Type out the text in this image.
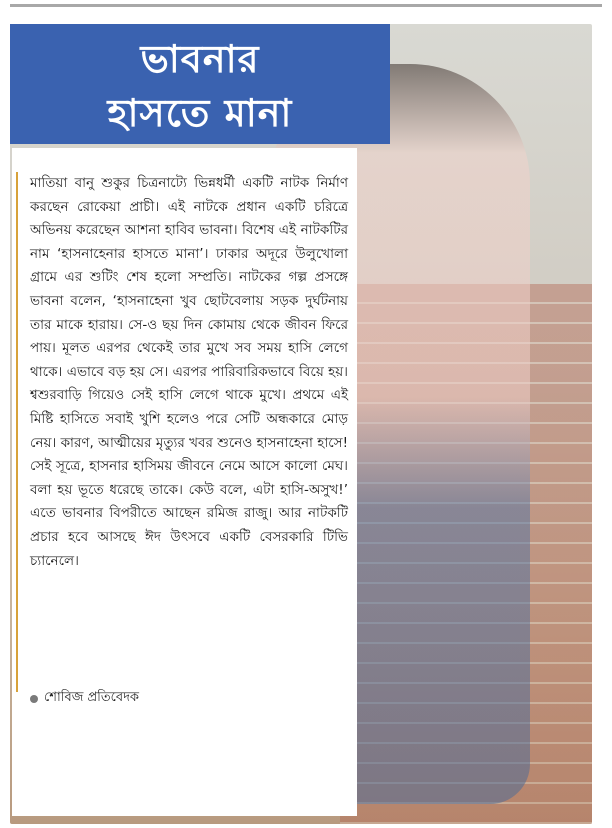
ভাবনার
হাসতে মানা

মাতিয়া বানু শুকুর চিত্রনাট্যে ভিন্নধর্মী একটি নাটক নির্মাণ করছেন রোকেয়া প্রাচী। এই নাটকে প্রধান একটি চরিত্রে অভিনয় করেছেন আশনা হাবিব ভাবনা। বিশেষ এই নাটকটির নাম ‘হাসনাহেনার হাসতে মানা’। ঢাকার অদূরে উলুখোলা গ্রামে এর শুটিং শেষ হলো সম্প্রতি। নাটকের গল্প প্রসঙ্গে ভাবনা বলেন, ‘হাসনাহেনা খুব ছোটবেলায় সড়ক দুর্ঘটনায় তার মাকে হারায়। সে-ও ছয় দিন কোমায় থেকে জীবন ফিরে পায়। মূলত এরপর থেকেই তার মুখে সব সময় হাসি লেগে থাকে। এভাবে বড় হয় সে। এরপর পারিবারিকভাবে বিয়ে হয়। শ্বশুরবাড়ি গিয়েও সেই হাসি লেগে থাকে মুখে। প্রথমে এই মিষ্টি হাসিতে সবাই খুশি হলেও পরে সেটি অন্ধকারে মোড় নেয়। কারণ, আত্মীয়ের মৃত্যুর খবর শুনেও হাসনাহেনা হাসে! সেই সূত্রে, হাসনার হাসিময় জীবনে নেমে আসে কালো মেঘ। বলা হয় ভূতে ধরেছে তাকে। কেউ বলে, এটা হাসি-অসুখ!’ এতে ভাবনার বিপরীতে আছেন রমিজ রাজু। আর নাটকটি প্রচার হবে আসছে ঈদ উৎসবে একটি বেসরকারি টিভি চ্যানেলে।

শোবিজ প্রতিবেদক
